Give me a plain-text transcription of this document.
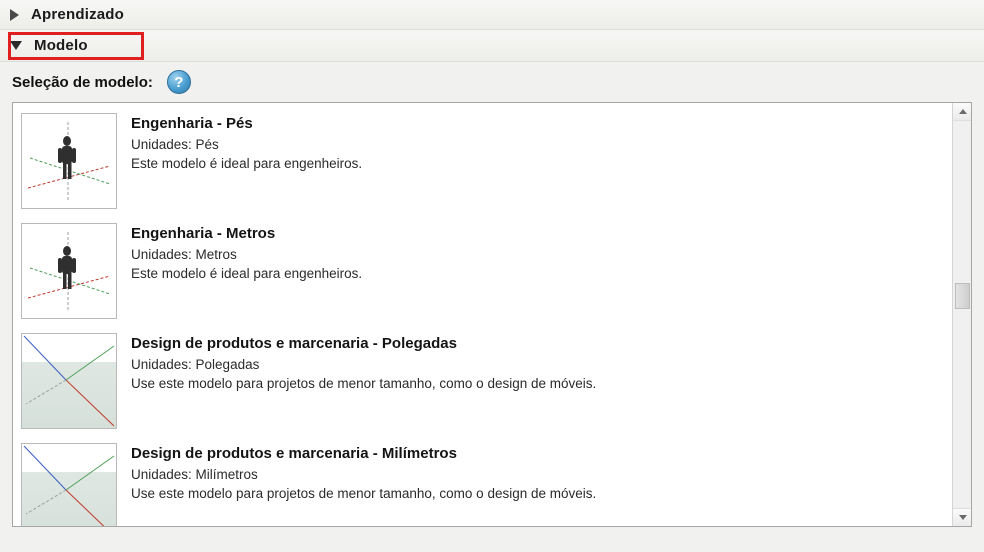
Aprendizado
Modelo
Seleção de modelo:	?
Engenharia - Pés
Unidades: Pés
Este modelo é ideal para engenheiros.
Engenharia - Metros
Unidades: Metros
Este modelo é ideal para engenheiros.
Design de produtos e marcenaria - Polegadas
Unidades: Polegadas
Use este modelo para projetos de menor tamanho, como o design de móveis.
Design de produtos e marcenaria - Milímetros
Unidades: Milímetros
Use este modelo para projetos de menor tamanho, como o design de móveis.
